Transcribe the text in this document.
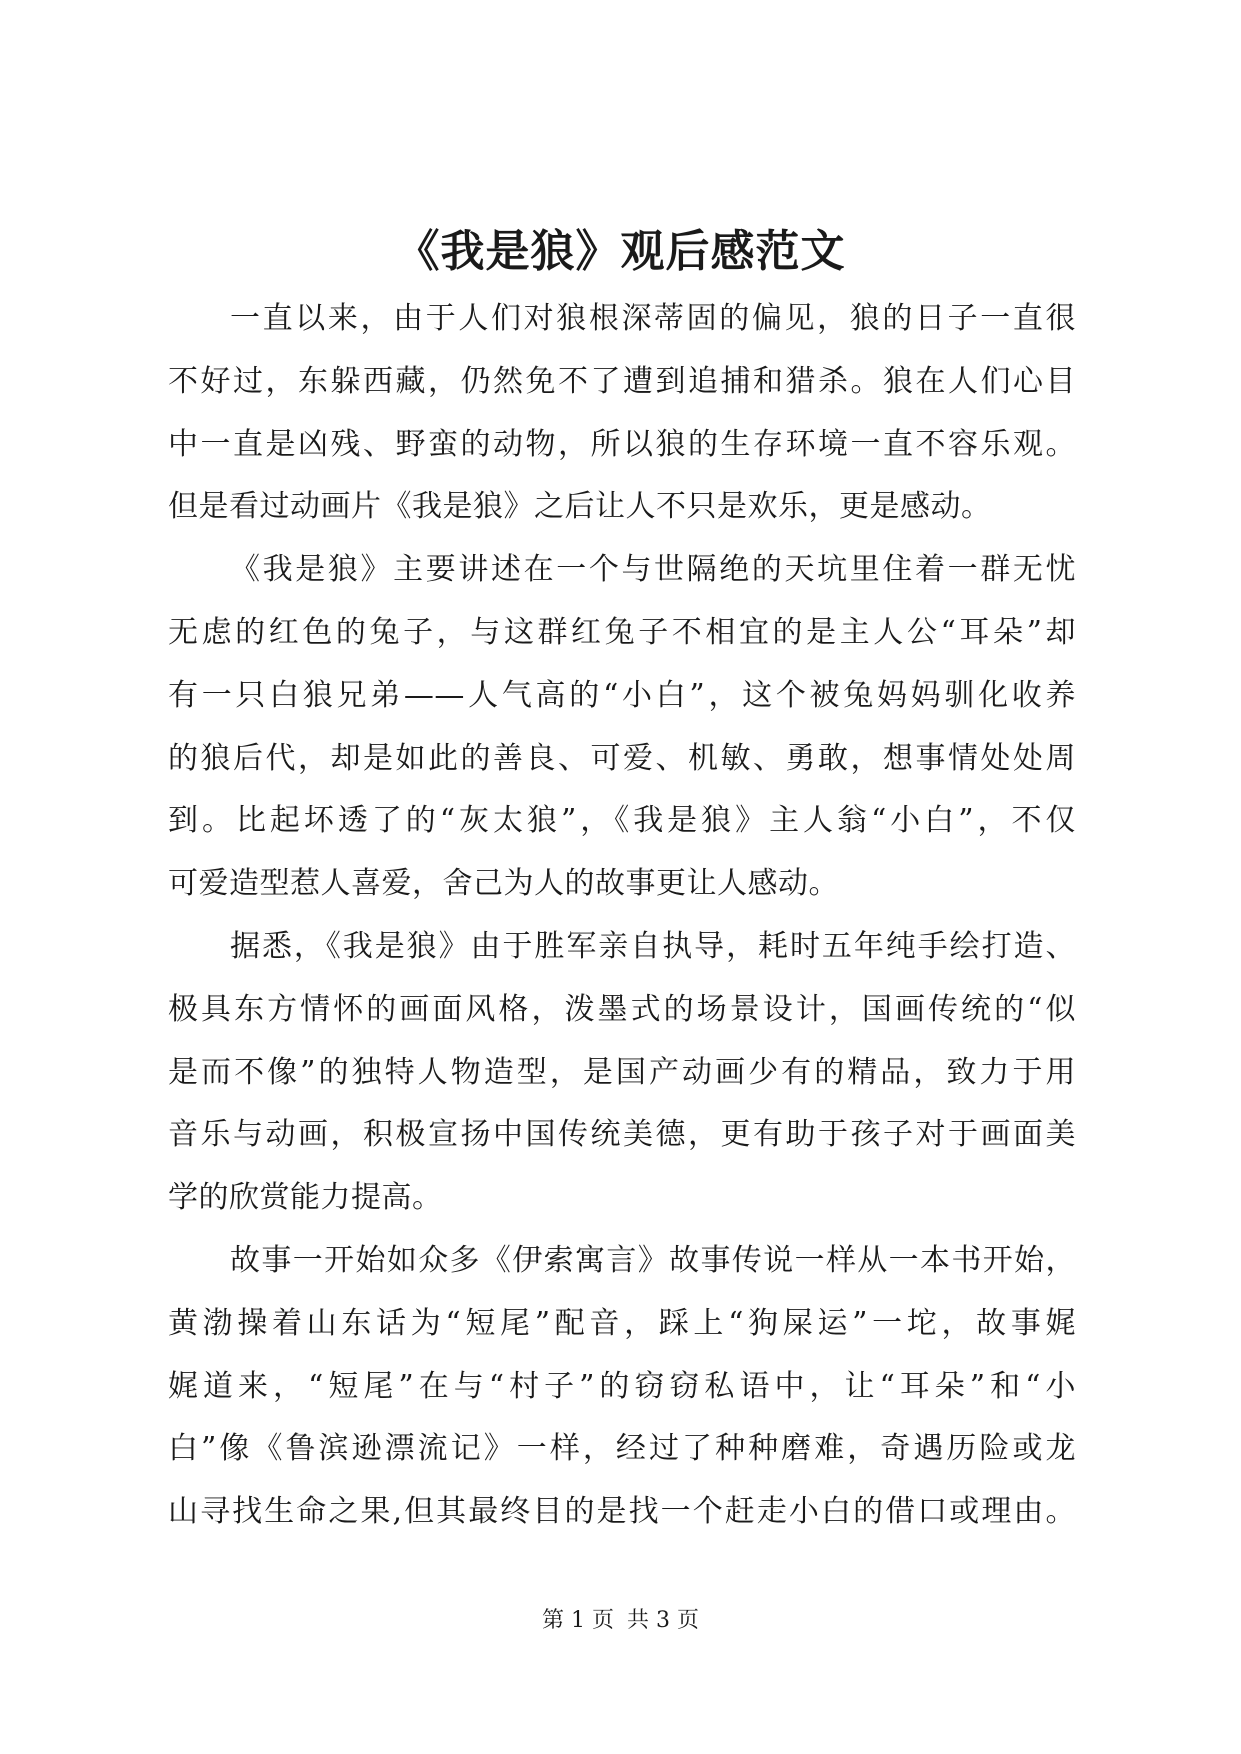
《我是狼》观后感范文
一直以来，由于人们对狼根深蒂固的偏见，狼的日子一直很
不好过，东躲西藏，仍然免不了遭到追捕和猎杀。狼在人们心目
中一直是凶残、野蛮的动物，所以狼的生存环境一直不容乐观。
但是看过动画片《我是狼》之后让人不只是欢乐，更是感动。
《我是狼》主要讲述在一个与世隔绝的天坑里住着一群无忧
无虑的红色的兔子，与这群红兔子不相宜的是主人公“耳朵”却
有一只白狼兄弟——人气高的“小白”，这个被兔妈妈驯化收养
的狼后代，却是如此的善良、可爱、机敏、勇敢，想事情处处周
到。比起坏透了的“灰太狼”，《我是狼》主人翁“小白”，不仅
可爱造型惹人喜爱，舍己为人的故事更让人感动。
据悉，《我是狼》由于胜军亲自执导，耗时五年纯手绘打造、
极具东方情怀的画面风格，泼墨式的场景设计，国画传统的“似
是而不像”的独特人物造型，是国产动画少有的精品，致力于用
音乐与动画，积极宣扬中国传统美德，更有助于孩子对于画面美
学的欣赏能力提高。
故事一开始如众多《伊索寓言》故事传说一样从一本书开始，
黄渤操着山东话为“短尾”配音，踩上“狗屎运”一坨，故事娓
娓道来，“短尾”在与“村子”的窃窃私语中，让“耳朵”和“小
白”像《鲁滨逊漂流记》一样，经过了种种磨难，奇遇历险或龙
山寻找生命之果,但其最终目的是找一个赶走小白的借口或理由。
第 1 页 共 3 页
